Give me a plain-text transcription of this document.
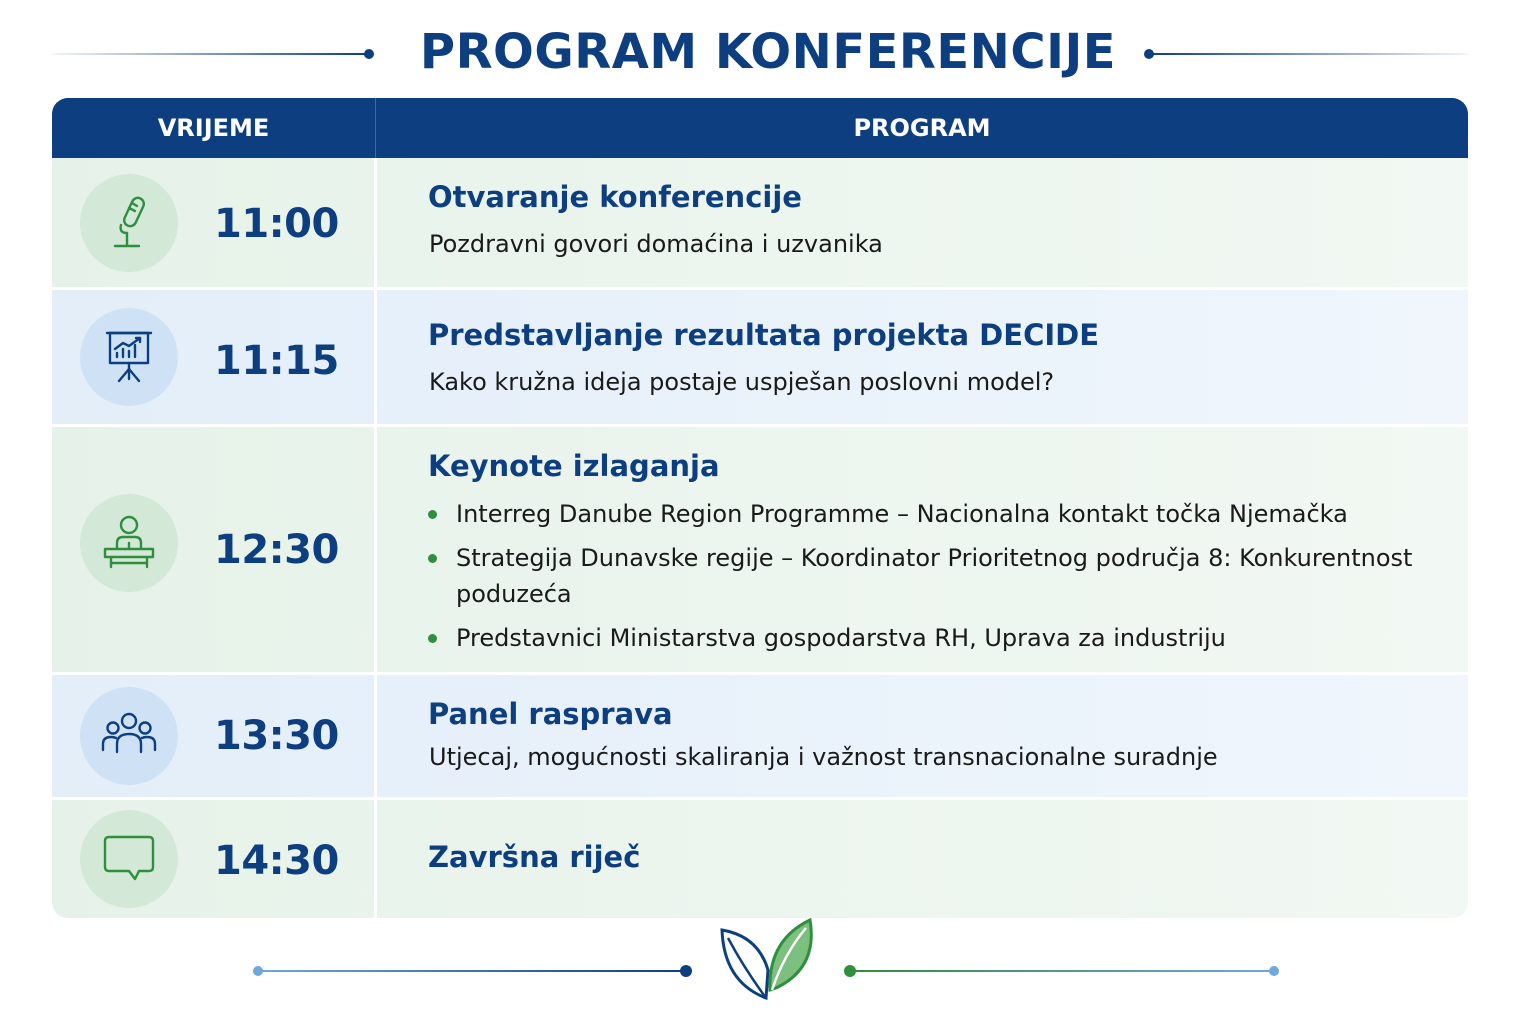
PROGRAM KONFERENCIJE
VRIJEME	PROGRAM
11:00
Otvaranje konferencije
Pozdravni govori domaćina i uzvanika
11:15
Predstavljanje rezultata projekta DECIDE
Kako kružna ideja postaje uspješan poslovni model?
12:30
Keynote izlaganja
Interreg Danube Region Programme – Nacionalna kontakt točka Njemačka
Strategija Dunavske regije – Koordinator Prioritetnog područja 8: Konkurentnost poduzeća
Predstavnici Ministarstva gospodarstva RH, Uprava za industriju
13:30	Panel rasprava
Utjecaj, mogućnosti skaliranja i važnost transnacionalne suradnje
14:30	Završna riječ
